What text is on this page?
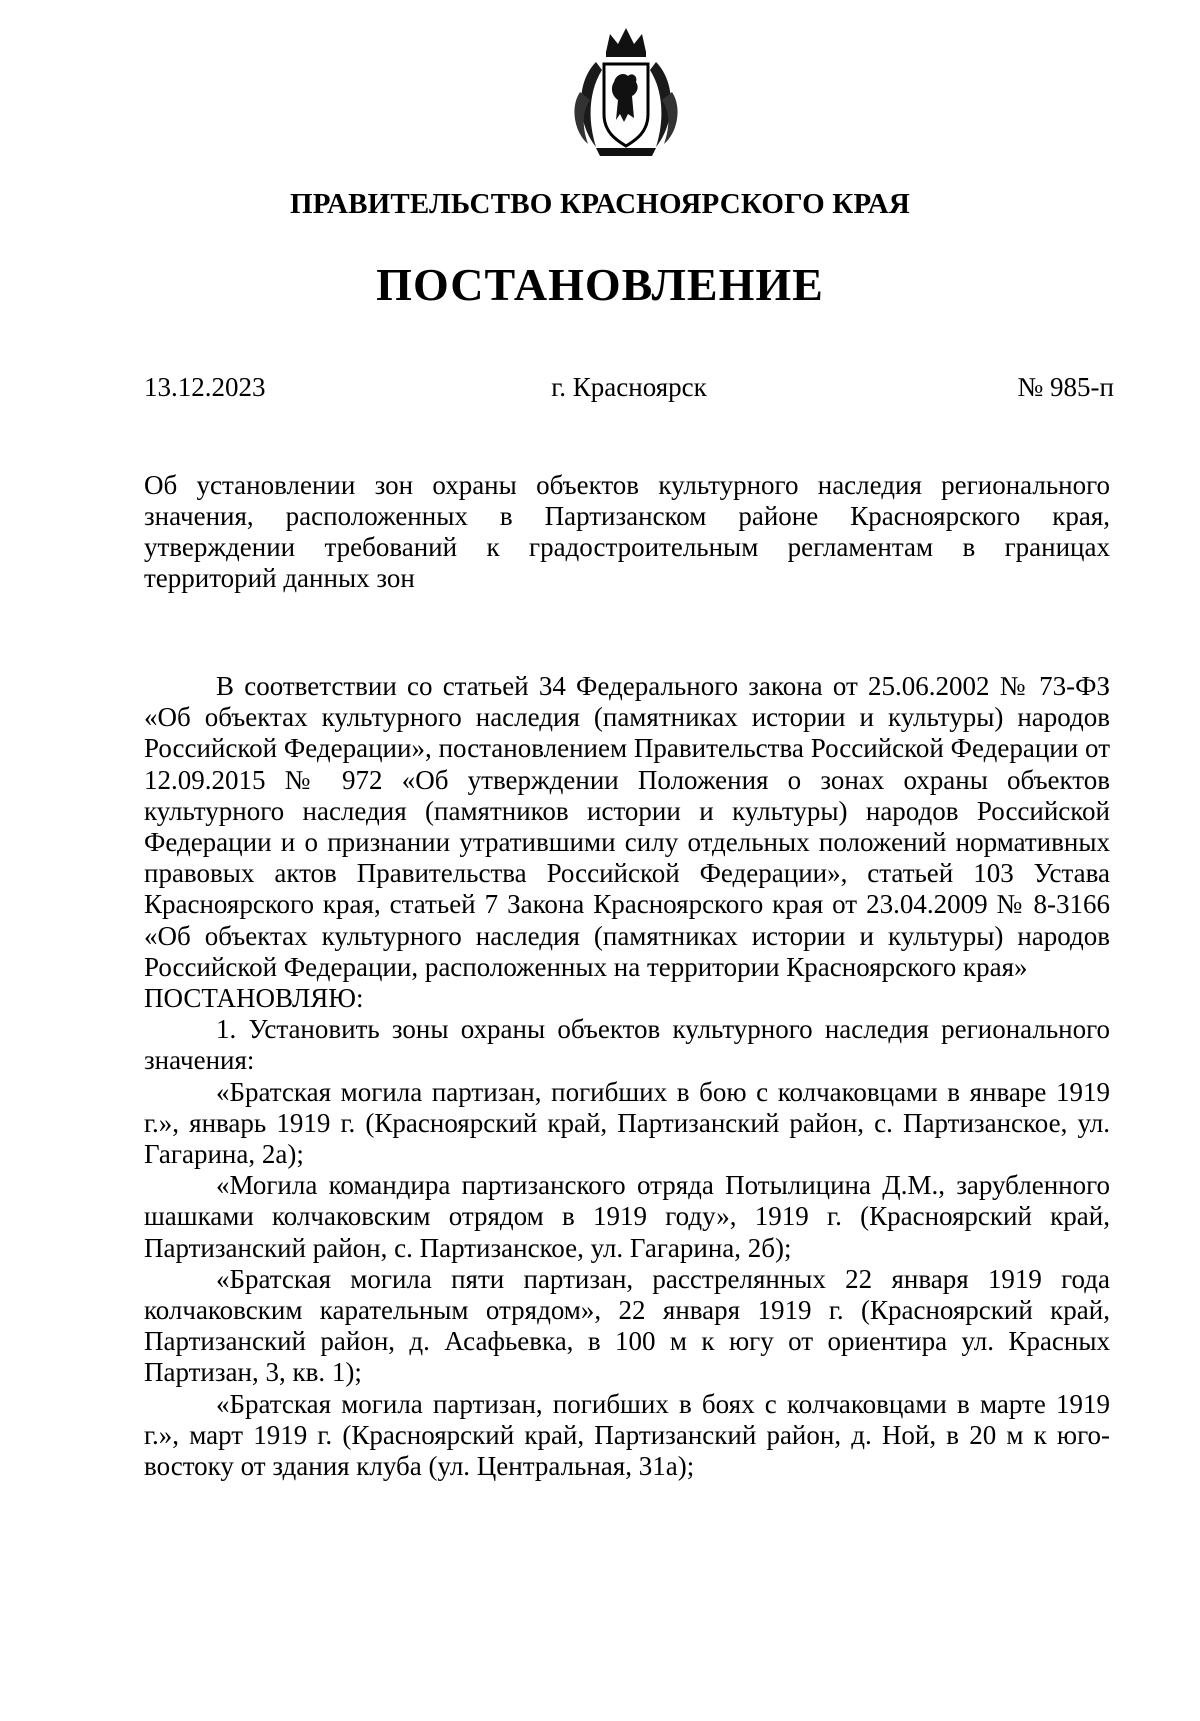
ПРАВИТЕЛЬСТВО КРАСНОЯРСКОГО КРАЯ
ПОСТАНОВЛЕНИЕ
13.12.2023	г. Красноярск	№ 985-п
Об установлении зон охраны объектов культурного наследия регионального значения, расположенных в Партизанском районе Красноярского края, утверждении требований к градостроительным регламентам в границах территорий данных зон

В соответствии со статьей 34 Федерального закона от 25.06.2002 № 73-ФЗ «Об объектах культурного наследия (памятниках истории и культуры) народов Российской Федерации», постановлением Правительства Российской Федерации от 12.09.2015 № 972 «Об утверждении Положения о зонах охраны объектов культурного наследия (памятников истории и культуры) народов Российской Федерации и о признании утратившими силу отдельных положений нормативных правовых актов Правительства Российской Федерации», статьей 103 Устава Красноярского края, статьей 7 Закона Красноярского края от 23.04.2009 № 8-3166 «Об объектах культурного наследия (памятниках истории и культуры) народов Российской Федерации, расположенных на территории Красноярского края»

ПОСТАНОВЛЯЮ:

1. Установить зоны охраны объектов культурного наследия регионального значения:

«Братская могила партизан, погибших в бою с колчаковцами в январе 1919 г.», январь 1919 г. (Красноярский край, Партизанский район, с. Партизанское, ул. Гагарина, 2а);

«Могила командира партизанского отряда Потылицина Д.М., зарубленного шашками колчаковским отрядом в 1919 году», 1919 г. (Красноярский край, Партизанский район, с. Партизанское, ул. Гагарина, 2б);

«Братская могила пяти партизан, расстрелянных 22 января 1919 года колчаковским карательным отрядом», 22 января 1919 г. (Красноярский край, Партизанский район, д. Асафьевка, в 100 м к югу от ориентира ул. Красных Партизан, 3, кв. 1);

«Братская могила партизан, погибших в боях с колчаковцами в марте 1919 г.», март 1919 г. (Красноярский край, Партизанский район, д. Ной, в 20 м к юго-востоку от здания клуба (ул. Центральная, 31а);
